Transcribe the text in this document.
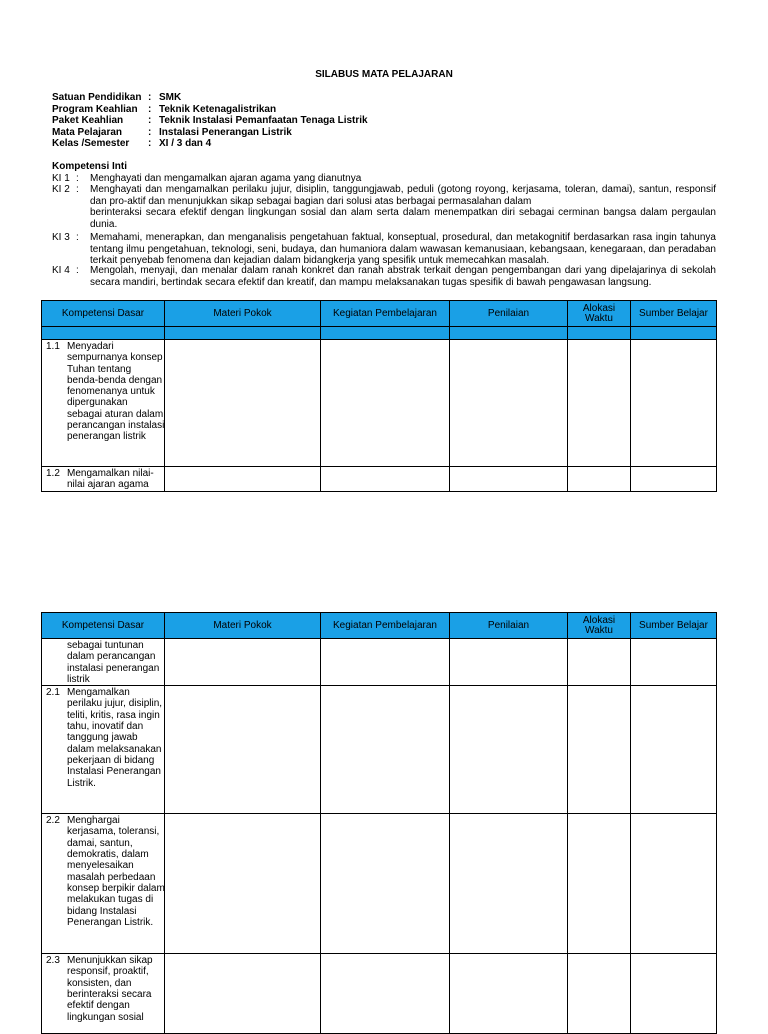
SILABUS MATA PELAJARAN
Satuan Pendidikan : SMK
Program Keahlian	: Teknik Ketenagalistrikan
Paket Keahlian	: Teknik Instalasi Pemanfaatan Tenaga Listrik
Mata Pelajaran	: Instalasi Penerangan Listrik
Kelas /Semester	: XI / 3 dan 4
Kompetensi Inti
KI 1 :	Menghayati dan mengamalkan ajaran agama yang dianutnya

KI 2 :	Menghayati dan mengamalkan perilaku jujur, disiplin, tanggungjawab, peduli (gotong royong, kerjasama, toleran, damai), santun, responsif dan pro-aktif dan menunjukkan sikap sebagai bagian dari solusi atas berbagai permasalahan dalam

berinteraksi secara efektif dengan lingkungan sosial dan alam serta dalam menempatkan diri sebagai cerminan bangsa dalam pergaulan dunia.

KI 3 :	Memahami, menerapkan, dan menganalisis pengetahuan faktual, konseptual, prosedural, dan metakognitif berdasarkan rasa ingin tahunya tentang ilmu pengetahuan, teknologi, seni, budaya, dan humaniora dalam wawasan kemanusiaan, kebangsaan, kenegaraan, dan peradaban terkait penyebab fenomena dan kejadian dalam bidangkerja yang spesifik untuk memecahkan masalah.

KI 4 :	Mengolah, menyaji, dan menalar dalam ranah konkret dan ranah abstrak terkait dengan pengembangan dari yang dipelajarinya di sekolah secara mandiri, bertindak secara efektif dan kreatif, dan mampu melaksanakan tugas spesifik di bawah pengawasan langsung.

Kompetensi Dasar	Materi Pokok	Kegiatan Pembelajaran	Penilaian	Alokasi Waktu	Sumber Belajar

1.1 Menyadari sempurnanya konsep Tuhan tentang benda-benda dengan fenomenanya untuk dipergunakan sebagai aturan dalam perancangan instalasi penerangan listrik					

1.2 Mengamalkan nilai-nilai ajaran agama					

Kompetensi Dasar	Materi Pokok	Kegiatan Pembelajaran	Penilaian	Alokasi Waktu	Sumber Belajar

sebagai tuntunan dalam perancangan instalasi penerangan listrik					

2.1 Mengamalkan perilaku jujur, disiplin, teliti, kritis, rasa ingin tahu, inovatif dan tanggung jawab dalam melaksanakan pekerjaan di bidang Instalasi Penerangan Listrik.					

2.2 Menghargai kerjasama, toleransi, damai, santun, demokratis, dalam menyelesaikan masalah perbedaan konsep berpikir dalam melakukan tugas di bidang Instalasi Penerangan Listrik.					

2.3 Menunjukkan sikap responsif, proaktif, konsisten, dan berinteraksi secara efektif dengan lingkungan sosial					
